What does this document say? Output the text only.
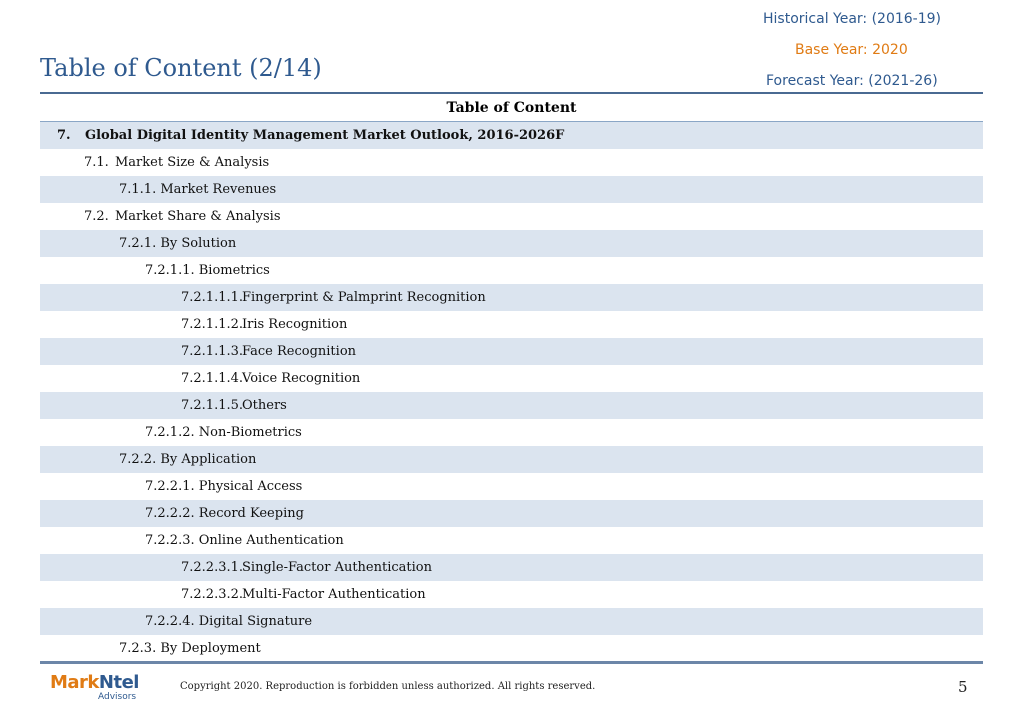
Historical Year: (2016-19)
Base Year: 2020
Forecast Year: (2021-26)
Table of Content (2/14)
Table of Content
7. Global Digital Identity Management Market Outlook, 2016-2026F
7.1. Market Size & Analysis
7.1.1. Market Revenues
7.2. Market Share & Analysis
7.2.1. By Solution
7.2.1.1. Biometrics
7.2.1.1.1.
Fingerprint & Palmprint Recognition
7.2.1.1.2.
Iris Recognition
7.2.1.1.3.
Face Recognition
7.2.1.1.4.
Voice Recognition
7.2.1.1.5.
Others
7.2.1.2. Non-Biometrics
7.2.2. By Application
7.2.2.1. Physical Access
7.2.2.2. Record Keeping
7.2.2.3. Online Authentication
7.2.2.3.1.
Single-Factor Authentication
7.2.2.3.2.
Multi-Factor Authentication
7.2.2.4. Digital Signature
7.2.3. By Deployment
MarkNtel
Advisors
Copyright 2020. Reproduction is forbidden unless authorized. All rights reserved.	5
